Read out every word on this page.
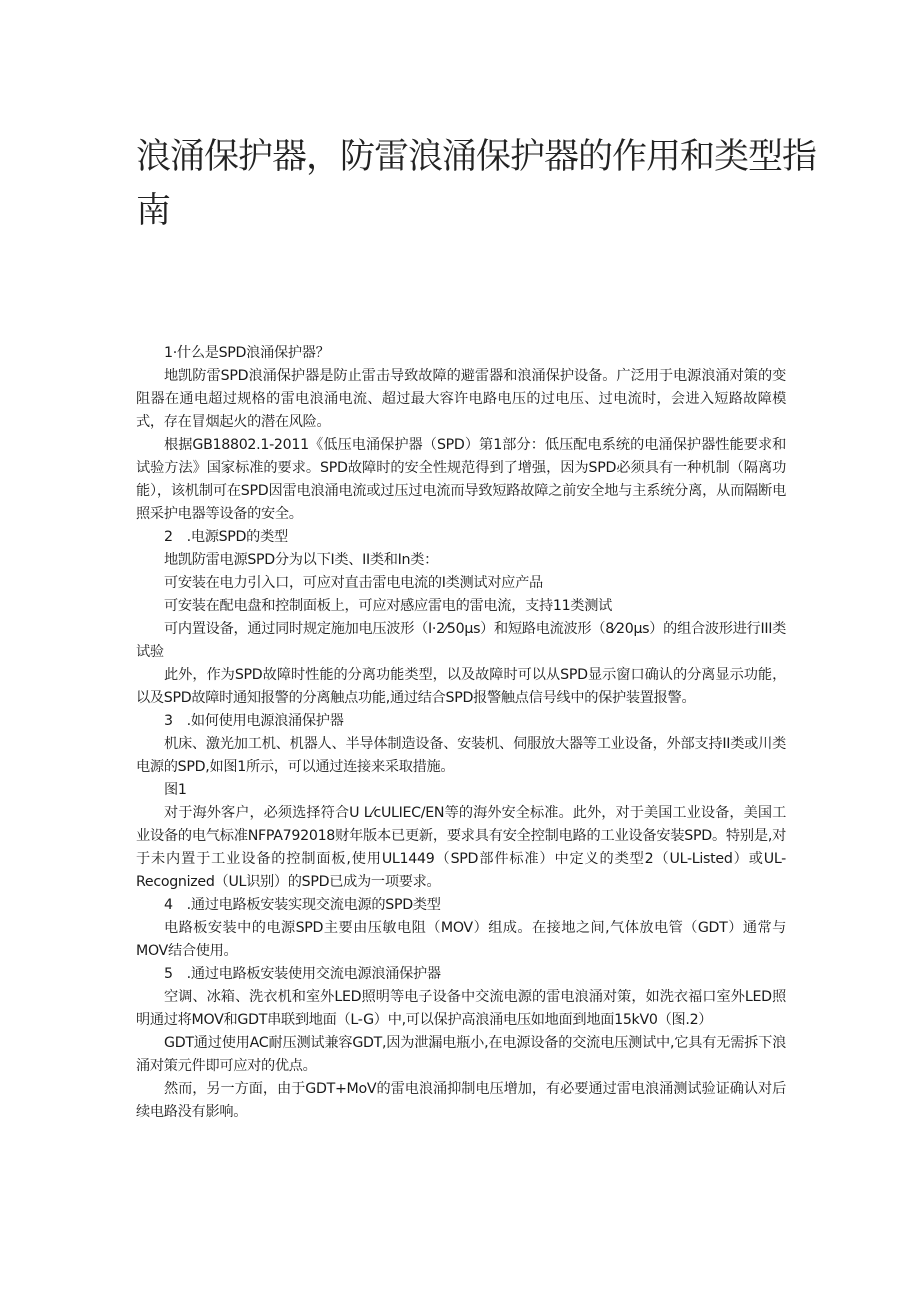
浪涌保护器，防雷浪涌保护器的作用和类型指南

1·什么是SPD浪涌保护器？

地凯防雷SPD浪涌保护器是防止雷击导致故障的避雷器和浪涌保护设备。广泛用于电源浪涌对策的变阻器在通电超过规格的雷电浪涌电流、超过最大容许电路电压的过电压、过电流时，会进入短路故障模式，存在冒烟起火的潜在风险。

根据GB18802.1-2011《低压电涌保护器（SPD）第1部分：低压配电系统的电涌保护器性能要求和试验方法》国家标准的要求。SPD故障时的安全性规范得到了增强，因为SPD必须具有一种机制（隔离功能），该机制可在SPD因雷电浪涌电流或过压过电流而导致短路故障之前安全地与主系统分离，从而隔断电照采护电器等设备的安全。

2　.电源SPD的类型

地凯防雷电源SPD分为以下I类、II类和In类：

可安装在电力引入口，可应对直击雷电电流的I类测试对应产品

可安装在配电盘和控制面板上，可应对感应雷电的雷电流，支持11类测试

可内置设备，通过同时规定施加电压波形（I·2⁄50μs）和短路电流波形（8⁄20μs）的组合波形进行III类试验

此外，作为SPD故障时性能的分离功能类型，以及故障时可以从SPD显示窗口确认的分离显示功能，以及SPD故障时通知报警的分离触点功能,通过结合SPD报警触点信号线中的保护装置报警。

3　.如何使用电源浪涌保护器

机床、激光加工机、机器人、半导体制造设备、安装机、伺服放大器等工业设备，外部支持II类或川类电源的SPD,如图1所示，可以通过连接来采取措施。

图1

对于海外客户，必须选择符合U L⁄cULIEC/EN等的海外安全标准。此外，对于美国工业设备，美国工业设备的电气标准NFPA792018财年版本已更新，要求具有安全控制电路的工业设备安装SPD。特别是,对于未内置于工业设备的控制面板,使用UL1449（SPD部件标准）中定义的类型2（UL-Listed）或UL-Recognized（UL识别）的SPD已成为一项要求。

4　.通过电路板安装实现交流电源的SPD类型

电路板安装中的电源SPD主要由压敏电阻（MOV）组成。在接地之间,气体放电管（GDT）通常与MOV结合使用。

5　.通过电路板安装使用交流电源浪涌保护器

空调、冰箱、洗衣机和室外LED照明等电子设备中交流电源的雷电浪涌对策，如洗衣福口室外LED照明通过将MOV和GDT串联到地面（L-G）中,可以保护高浪涌电压如地面到地面15kV0（图.2）

GDT通过使用AC耐压测试兼容GDT,因为泄漏电瓶小,在电源设备的交流电压测试中,它具有无需拆下浪涌对策元件即可应对的优点。

然而，另一方面，由于GDT+MoV的雷电浪涌抑制电压增加，有必要通过雷电浪涌测试验证确认对后续电路没有影响。
